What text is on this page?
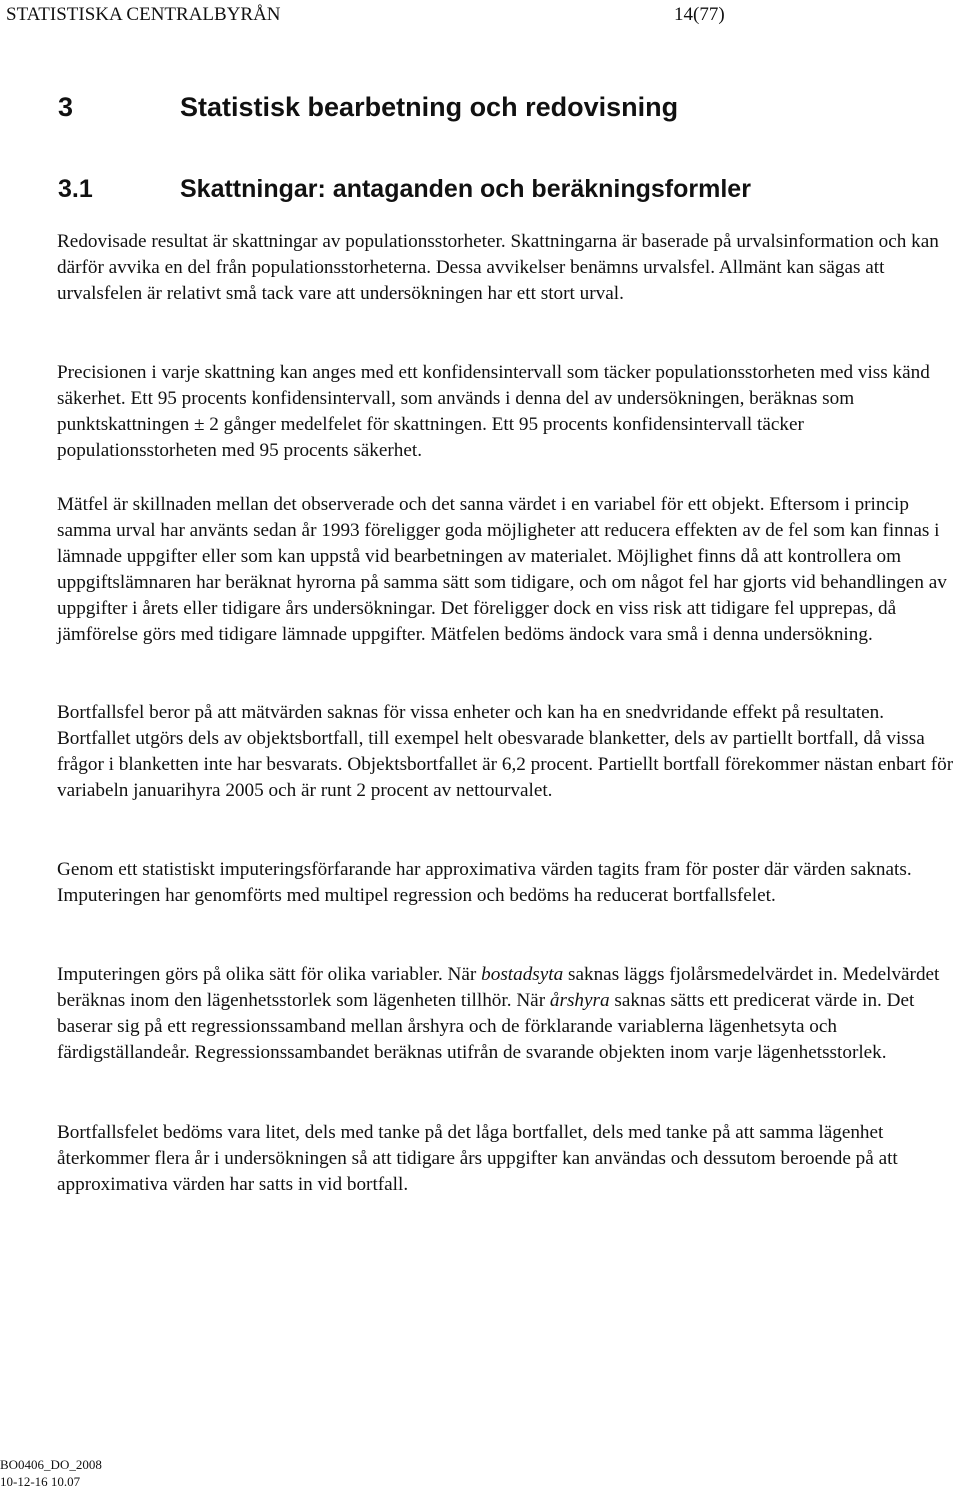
STATISTISKA CENTRALBYRÅN	14(77)
3	Statistisk bearbetning och redovisning
3.1	Skattningar: antaganden och beräkningsformler

Redovisade resultat är skattningar av populationsstorheter. Skattningarna är baserade på urvalsinformation och kan därför avvika en del från populationsstorheterna. Dessa avvikelser benämns urvalsfel. Allmänt kan sägas att urvalsfelen är relativt små tack vare att undersökningen har ett stort urval.

Precisionen i varje skattning kan anges med ett konfidensintervall som täcker populationsstorheten med viss känd säkerhet. Ett 95 procents konfidensintervall, som används i denna del av undersökningen, beräknas som punktskattningen ± 2 gånger medelfelet för skattningen. Ett 95 procents konfidensintervall täcker populationsstorheten med 95 procents säkerhet.

Mätfel är skillnaden mellan det observerade och det sanna värdet i en variabel för ett objekt. Eftersom i princip samma urval har använts sedan år 1993 föreligger goda möjligheter att reducera effekten av de fel som kan finnas i lämnade uppgifter eller som kan uppstå vid bearbetningen av materialet. Möjlighet finns då att kontrollera om uppgiftslämnaren har beräknat hyrorna på samma sätt som tidigare, och om något fel har gjorts vid behandlingen av uppgifter i årets eller tidigare års undersökningar. Det föreligger dock en viss risk att tidigare fel upprepas, då jämförelse görs med tidigare lämnade uppgifter. Mätfelen bedöms ändock vara små i denna undersökning.

Bortfallsfel beror på att mätvärden saknas för vissa enheter och kan ha en snedvridande effekt på resultaten. Bortfallet utgörs dels av objektsbortfall, till exempel helt obesvarade blanketter, dels av partiellt bortfall, då vissa frågor i blanketten inte har besvarats. Objektsbortfallet är 6,2 procent. Partiellt bortfall förekommer nästan enbart för variabeln januarihyra 2005 och är runt 2 procent av nettourvalet.

Genom ett statistiskt imputeringsförfarande har approximativa värden tagits fram för poster där värden saknats. Imputeringen har genomförts med multipel regression och bedöms ha reducerat bortfallsfelet.

Imputeringen görs på olika sätt för olika variabler. När bostadsyta saknas läggs fjolårsmedelvärdet in. Medelvärdet beräknas inom den lägenhetsstorlek som lägenheten tillhör. När årshyra saknas sätts ett predicerat värde in. Det baserar sig på ett regressionssamband mellan årshyra och de förklarande variablerna lägenhetsyta och färdigställandeår. Regressionssambandet beräknas utifrån de svarande objekten inom varje lägenhetsstorlek.

Bortfallsfelet bedöms vara litet, dels med tanke på det låga bortfallet, dels med tanke på att samma lägenhet återkommer flera år i undersökningen så att tidigare års uppgifter kan användas och dessutom beroende på att approximativa värden har satts in vid bortfall.

BO0406_DO_2008
10-12-16 10.07
